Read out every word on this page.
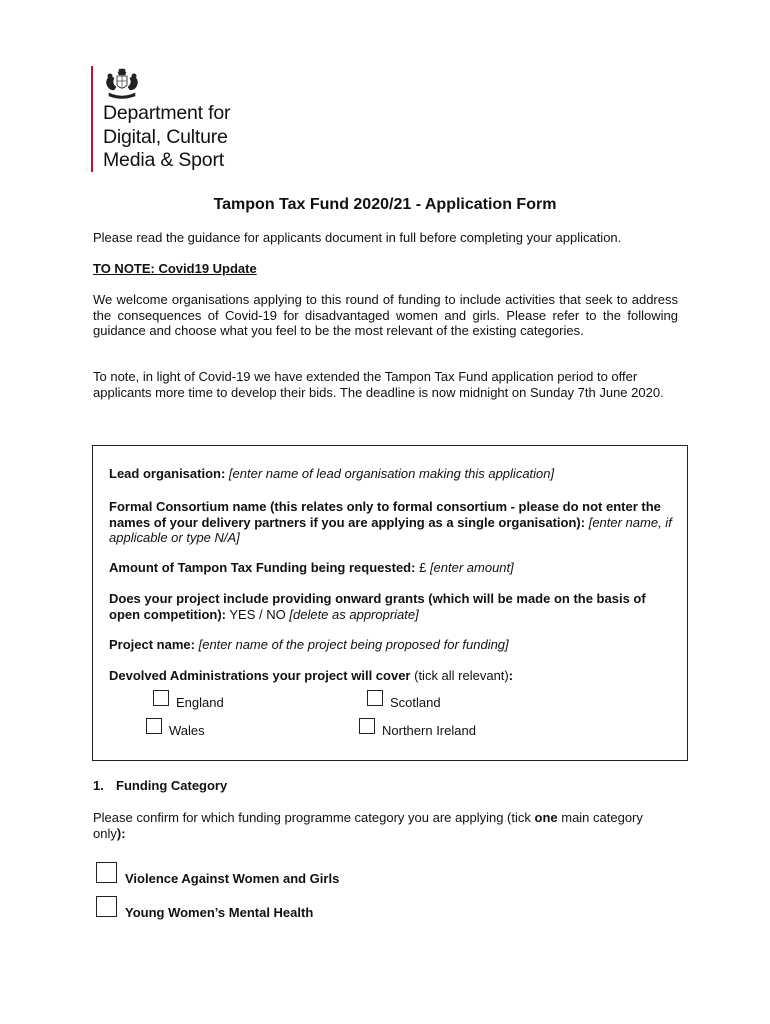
Department for
Digital, Culture
Media & Sport
Tampon Tax Fund 2020/21 - Application Form
Please read the guidance for applicants document in full before completing your application.
TO NOTE: Covid19 Update
We welcome organisations applying to this round of funding to include activities that seek to address the consequences of Covid-19 for disadvantaged women and girls. Please refer to the following guidance and choose what you feel to be the most relevant of the existing categories.
To note, in light of Covid-19 we have extended the Tampon Tax Fund application period to offer applicants more time to develop their bids. The deadline is now midnight on Sunday 7th June 2020.
Lead organisation: [enter name of lead organisation making this application]
Formal Consortium name (this relates only to formal consortium - please do not enter the names of your delivery partners if you are applying as a single organisation): [enter name, if applicable or type N/A]
Amount of Tampon Tax Funding being requested: £ [enter amount]
Does your project include providing onward grants (which will be made on the basis of open competition): YES / NO [delete as appropriate]
Project name: [enter name of the project being proposed for funding]
Devolved Administrations your project will cover (tick all relevant):
England	Scotland
Wales	Northern Ireland
1. Funding Category
Please confirm for which funding programme category you are applying (tick one main category only):
Violence Against Women and Girls
Young Women’s Mental Health
